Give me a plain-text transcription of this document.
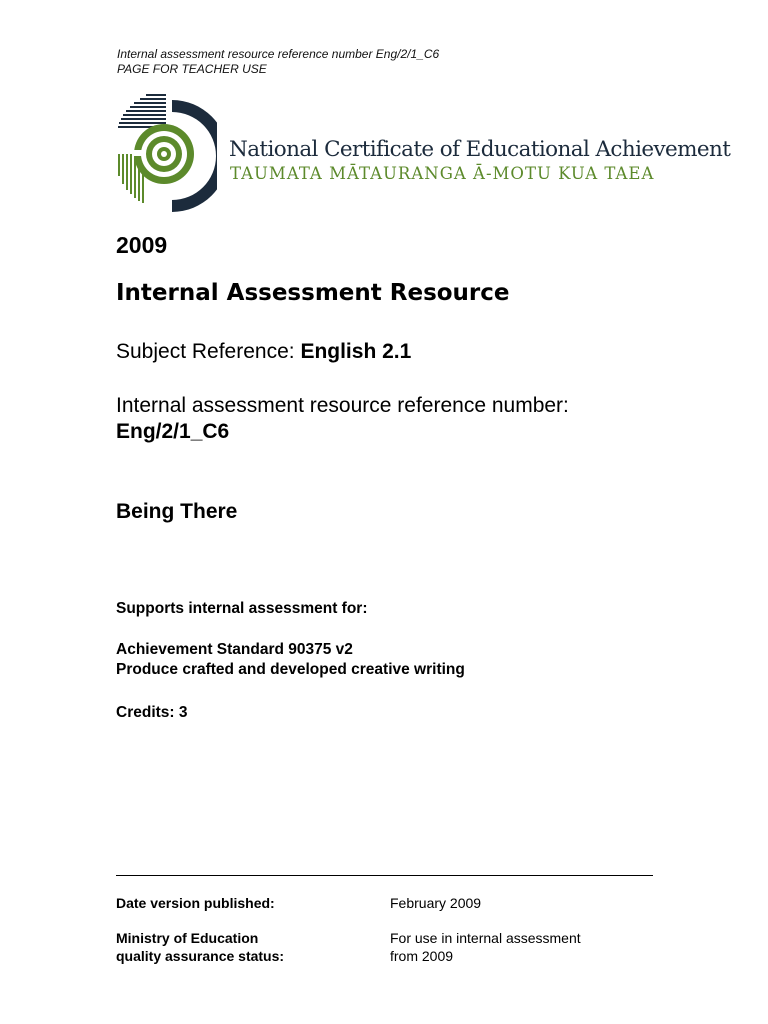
Internal assessment resource reference number Eng/2/1_C6
PAGE FOR TEACHER USE
National Certificate of Educational Achievement
TAUMATA MĀTAURANGA Ā-MOTU KUA TAEA
2009
Internal Assessment Resource
Subject Reference: English 2.1
Internal assessment resource reference number:
Eng/2/1_C6
Being There
Supports internal assessment for:
Achievement Standard 90375 v2
Produce crafted and developed creative writing
Credits: 3
Date version published:	February 2009
Ministry of Education
quality assurance status:
For use in internal assessment
from 2009
